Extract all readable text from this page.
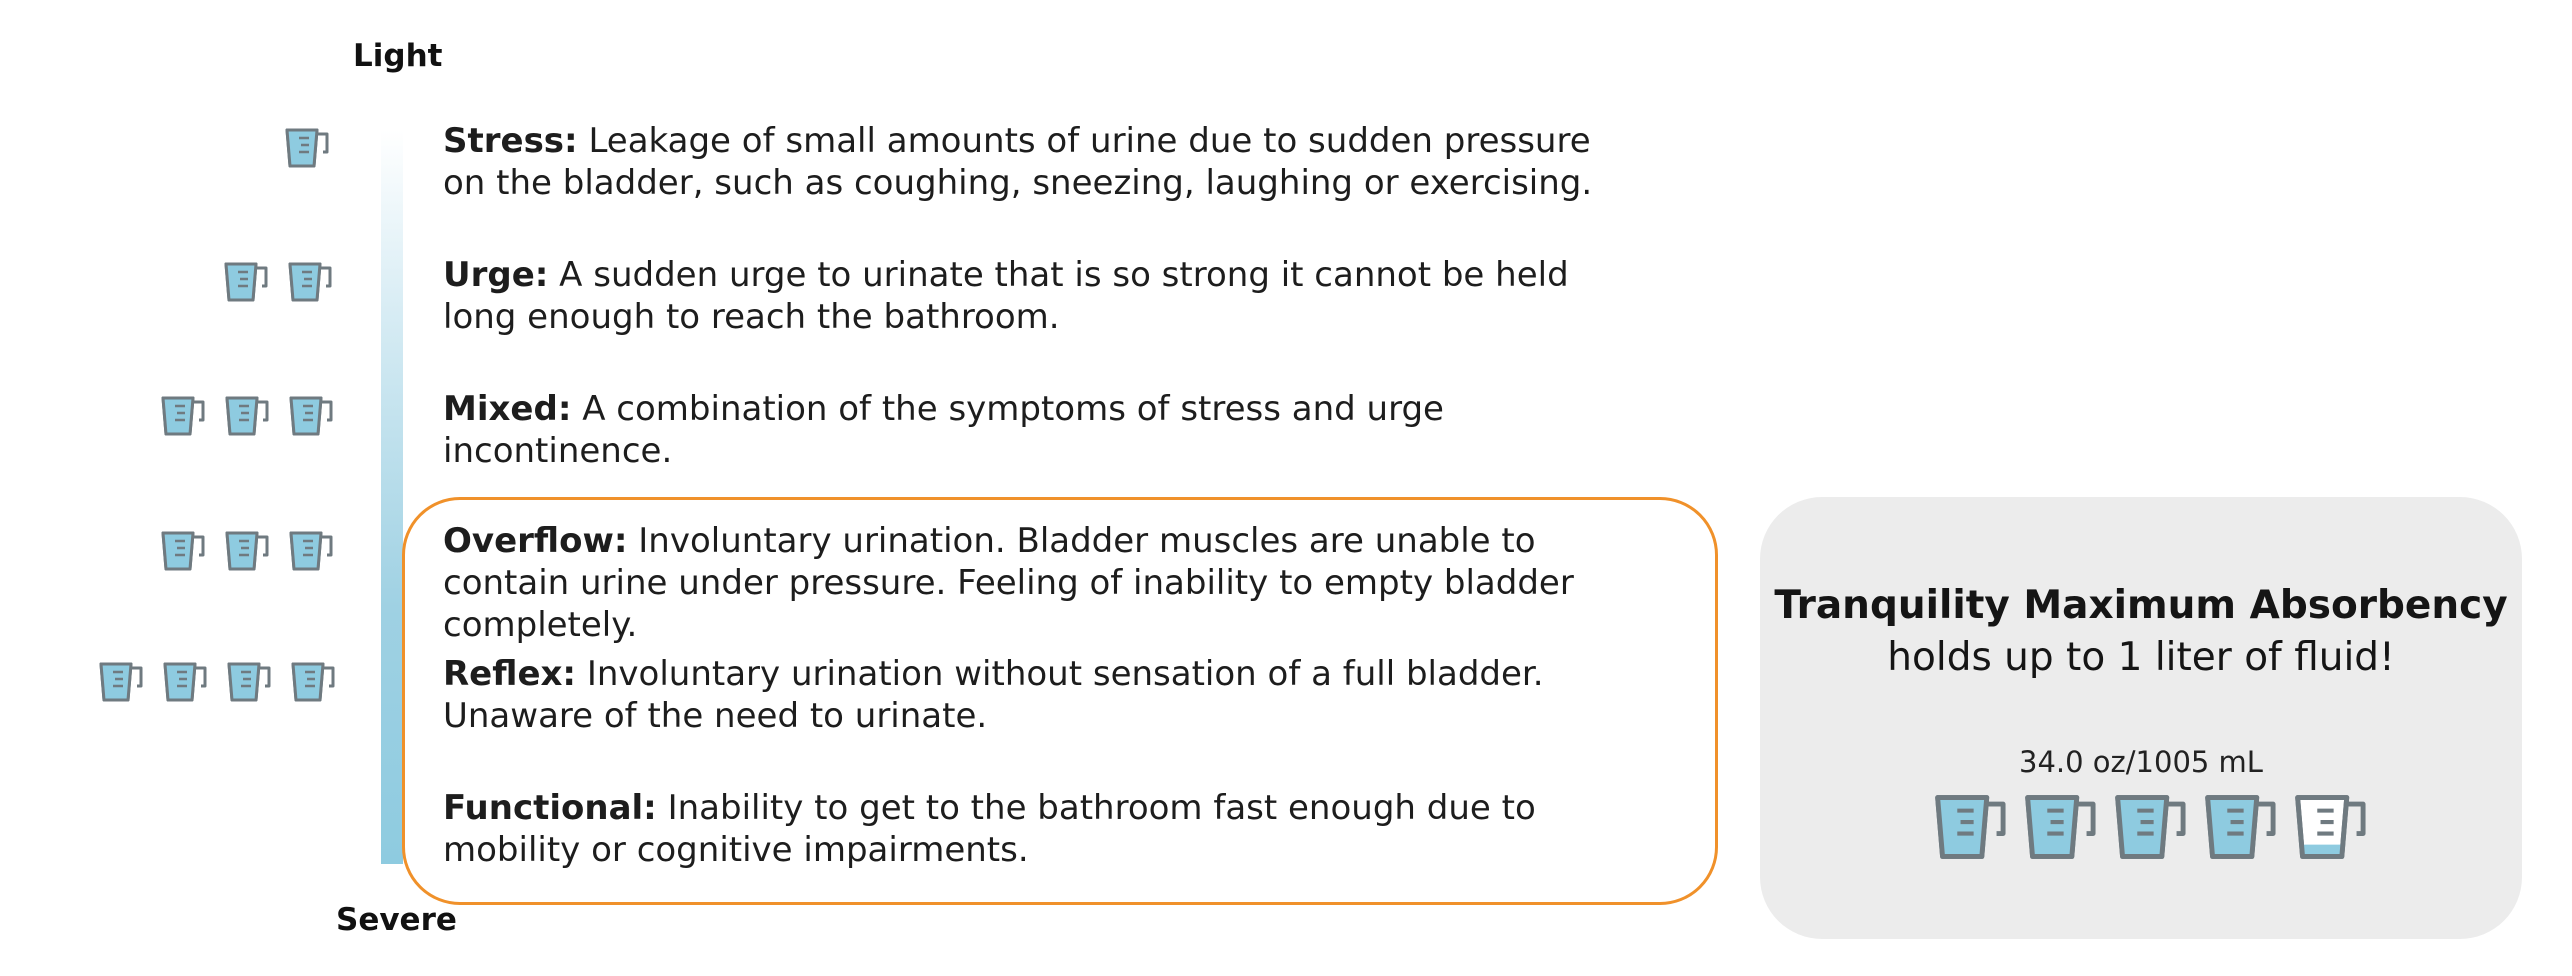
Light
Severe
Stress: Leakage of small amounts of urine due to sudden pressure on the bladder, such as coughing, sneezing, laughing or exercising.
Urge: A sudden urge to urinate that is so strong it cannot be held long enough to reach the bathroom.
Mixed: A combination of the symptoms of stress and urge incontinence.
Overflow: Involuntary urination. Bladder muscles are unable to contain urine under pressure. Feeling of inability to empty bladder completely.
Reflex: Involuntary urination without sensation of a full bladder. Unaware of the need to urinate.
Functional: Inability to get to the bathroom fast enough due to mobility or cognitive impairments.
Tranquility Maximum Absorbency
holds up to 1 liter of fluid!
34.0 oz/1005 mL
